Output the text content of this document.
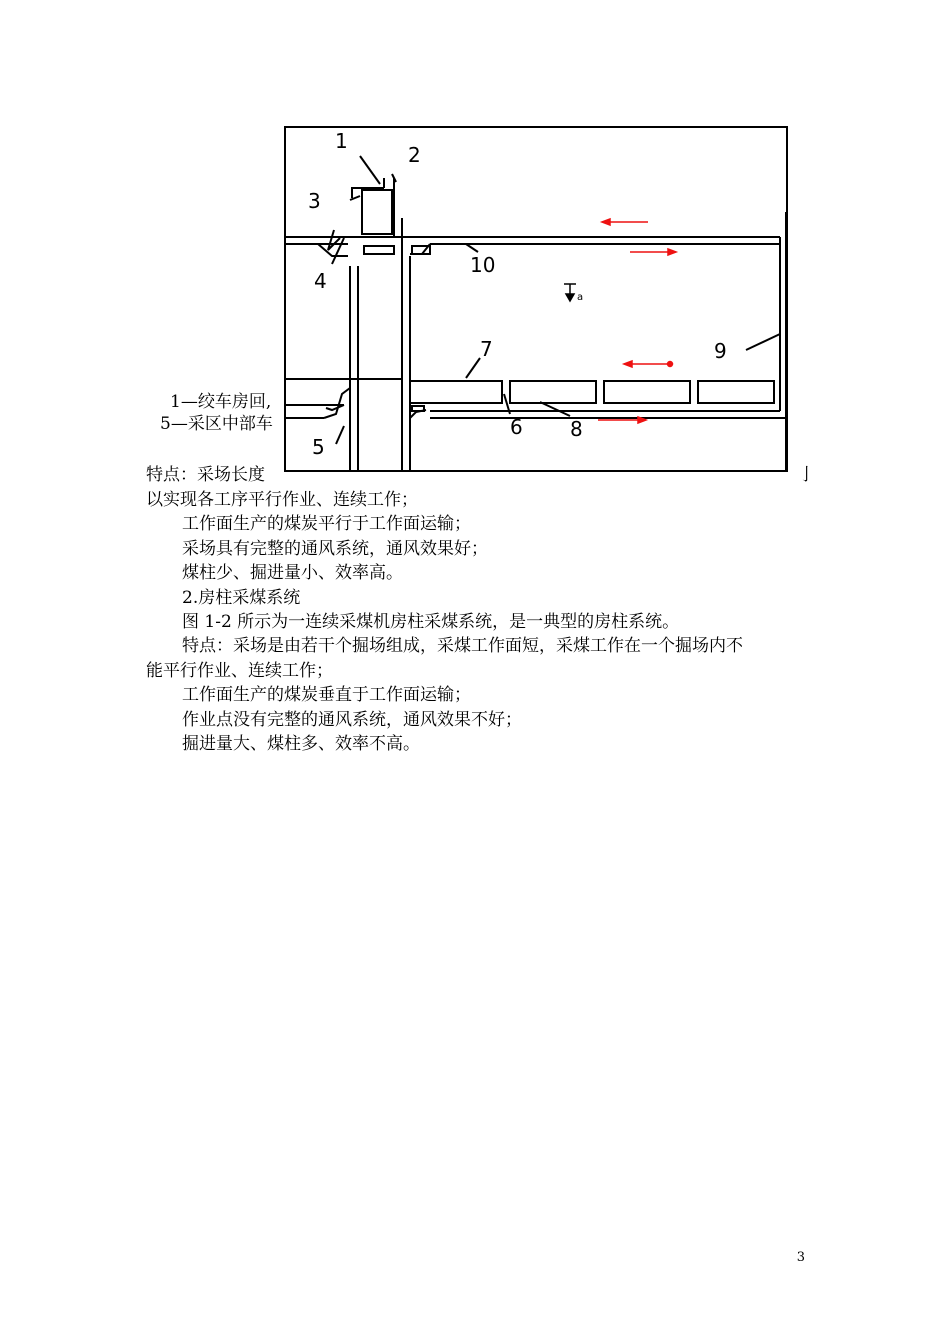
1—绞车房回,
5—采区中部车
特点：采场长度	亅
a
1
2
3
4
10
7	9
6 8
5
以实现各工序平行作业、连续工作；
工作面生产的煤炭平行于工作面运输；
采场具有完整的通风系统，通风效果好；
煤柱少、掘进量小、效率高。
2.房柱采煤系统
图 1-2 所示为一连续采煤机房柱采煤系统，是一典型的房柱系统。
特点：采场是由若干个掘场组成，采煤工作面短，采煤工作在一个掘场内不
能平行作业、连续工作；
工作面生产的煤炭垂直于工作面运输；
作业点没有完整的通风系统，通风效果不好；
掘进量大、煤柱多、效率不高。
3
